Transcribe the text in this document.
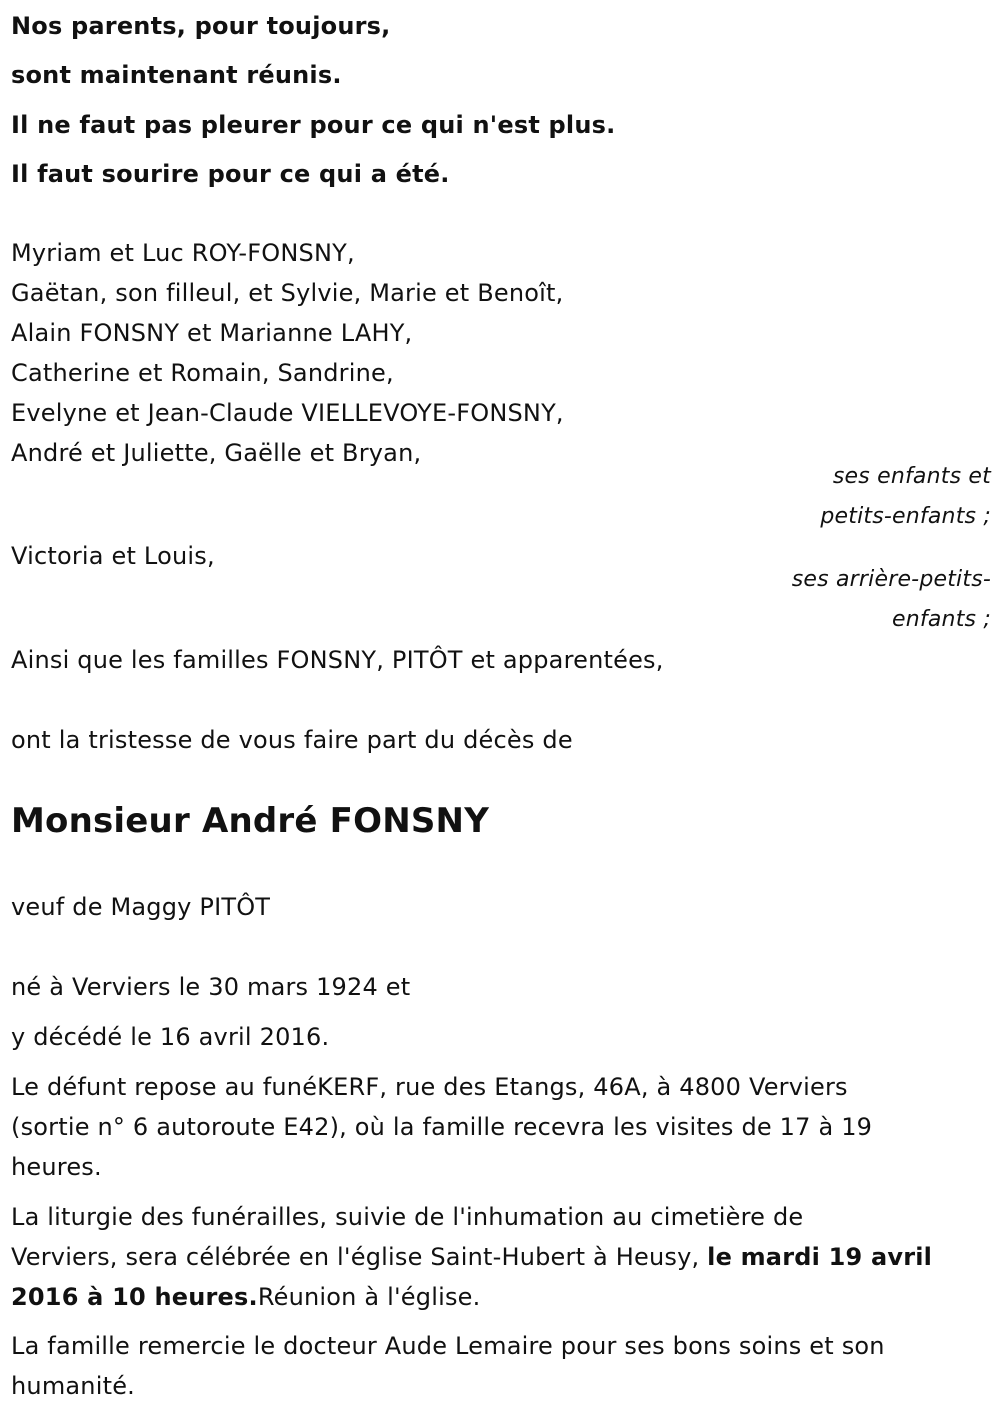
Nos parents, pour toujours,
sont maintenant réunis.
Il ne faut pas pleurer pour ce qui n'est plus.
Il faut sourire pour ce qui a été.
Myriam et Luc ROY-FONSNY,
Gaëtan, son filleul, et Sylvie, Marie et Benoît,
Alain FONSNY et Marianne LAHY,
Catherine et Romain, Sandrine,
Evelyne et Jean-Claude VIELLEVOYE-FONSNY,
André et Juliette, Gaëlle et Bryan,
ses enfants et
petits-enfants ;
Victoria et Louis,
ses arrière-petits-
enfants ;
Ainsi que les familles FONSNY, PITÔT et apparentées,
ont la tristesse de vous faire part du décès de
Monsieur André FONSNY
veuf de Maggy PITÔT
né à Verviers le 30 mars 1924 et
y décédé le 16 avril 2016.
Le défunt repose au funéKERF, rue des Etangs, 46A, à 4800 Verviers
(sortie n° 6 autoroute E42), où la famille recevra les visites de 17 à 19
heures.
La liturgie des funérailles, suivie de l'inhumation au cimetière de
Verviers, sera célébrée en l'église Saint-Hubert à Heusy, le mardi 19 avril
2016 à 10 heures.Réunion à l'église.
La famille remercie le docteur Aude Lemaire pour ses bons soins et son
humanité.
